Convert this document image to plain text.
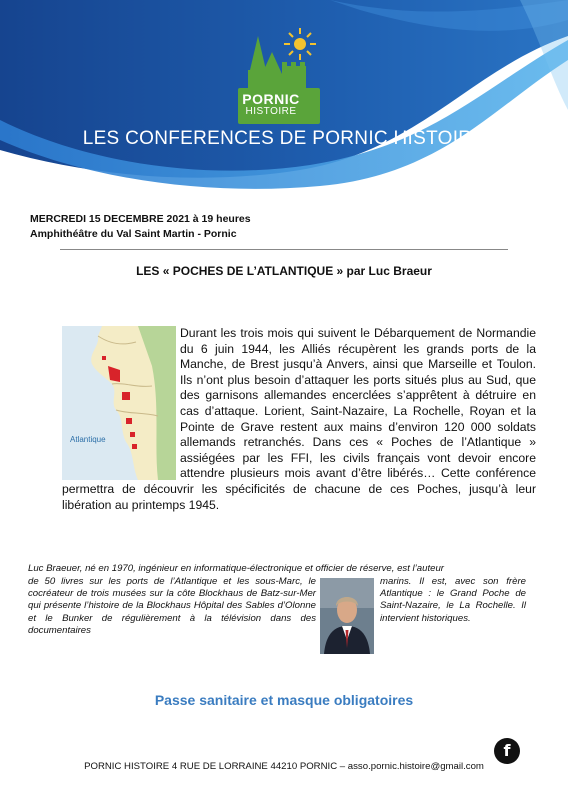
PORNIC
HISTOIRE
LES CONFERENCES DE PORNIC HISTOIRE
MERCREDI 15 DECEMBRE 2021 à 19 heures
Amphithéâtre du Val Saint Martin - Pornic
LES « POCHES DE L’ATLANTIQUE » par Luc Braeur

Durant les trois mois qui suivent le Débarquement de Normandie du 6 juin 1944, les Alliés récupèrent les grands ports de la Manche, de Brest jusqu’à Anvers, ainsi que Marseille et Toulon. Ils n’ont plus besoin d’attaquer les ports situés plus au Sud, que des garnisons allemandes encerclées s’apprêtent à détruire en cas d’attaque. Lorient, Saint-Nazaire, La Rochelle, Royan et la Pointe de Grave restent aux mains d’environ 120 000 soldats allemands retranchés. Dans ces « Poches de l’Atlantique » assiégées par les FFI, les civils français vont devoir encore attendre plusieurs mois avant d’être libérés… Cette conférence permettra de découvrir les spécificités de chacune de ces Poches, jusqu’à leur libération au printemps 1945.

Atlantique

Luc Braeuer, né en 1970, ingénieur en informatique-électronique et officier de réserve, est l’auteur

de 50 livres sur les ports de l’Atlantique et les sous-Marc, le cocréateur de trois musées sur la côte Blockhaus de Batz-sur-Mer qui présente l’histoire de la Blockhaus Hôpital des Sables d’Olonne et le Bunker de régulièrement à la télévision dans des documentaires

marins. Il est, avec son frère Atlantique : le Grand Poche de Saint-Nazaire, le La Rochelle. Il intervient historiques.

Passe sanitaire et masque obligatoires
f
PORNIC HISTOIRE 4 RUE DE LORRAINE 44210 PORNIC – asso.pornic.histoire@gmail.com
